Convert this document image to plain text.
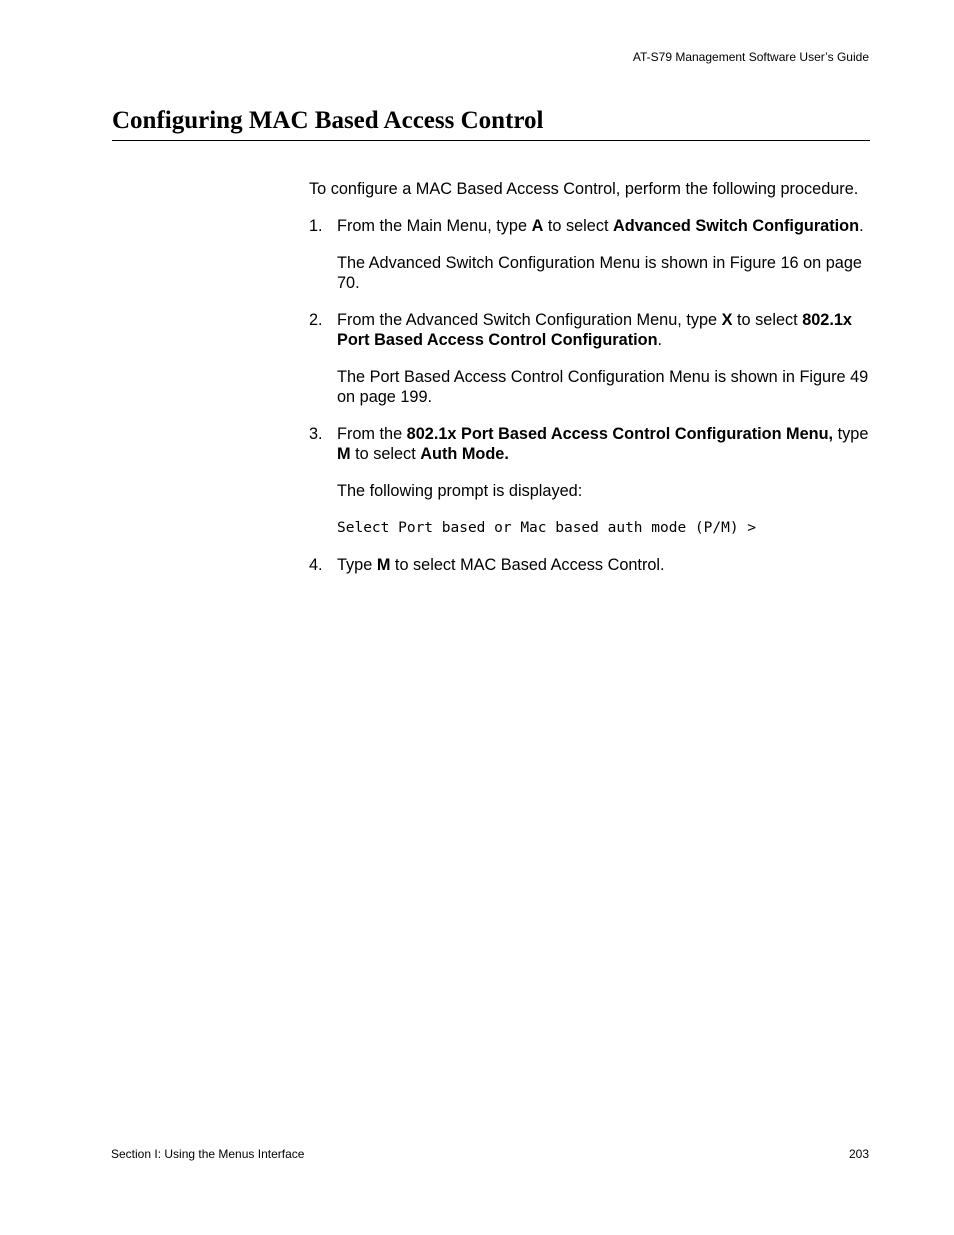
AT-S79 Management Software User’s Guide
Configuring MAC Based Access Control

To configure a MAC Based Access Control, perform the following procedure.

1. From the Main Menu, type A to select Advanced Switch Configuration.

The Advanced Switch Configuration Menu is shown in Figure 16 on page 70.

2. From the Advanced Switch Configuration Menu, type X to select 802.1x Port Based Access Control Configuration.

The Port Based Access Control Configuration Menu is shown in Figure 49 on page 199.

3. From the 802.1x Port Based Access Control Configuration Menu, type M to select Auth Mode.

The following prompt is displayed:

Select Port based or Mac based auth mode (P/M) >
4. Type M to select MAC Based Access Control.

Section I: Using the Menus Interface	203
